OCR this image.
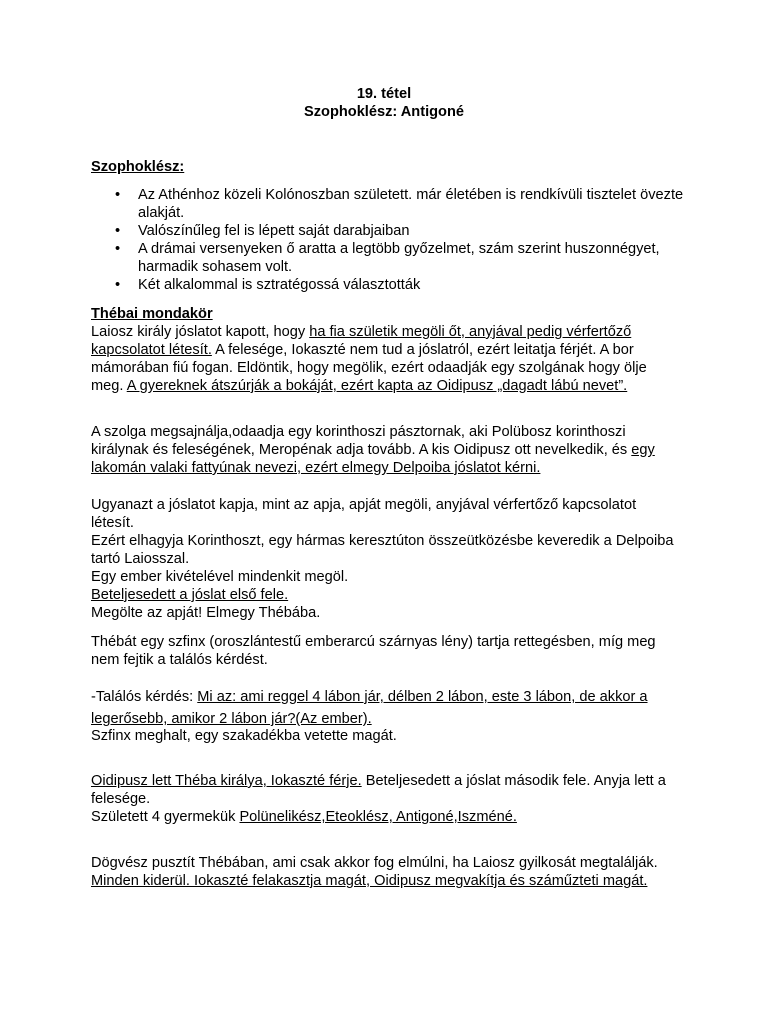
19. tétel
Szophoklész: Antigoné
Szophoklész:
• Az Athénhoz közeli Kolónoszban született. már életében is rendkívüli tisztelet övezte alakját.
• Valószínűleg fel is lépett saját darabjaiban
• A drámai versenyeken ő aratta a legtöbb győzelmet, szám szerint huszonnégyet, harmadik sohasem volt.
• Két alkalommal is sztratégossá választották
Thébai mondakör

Laiosz király jóslatot kapott, hogy ha fia születik megöli őt, anyjával pedig vérfertőző kapcsolatot létesít. A felesége, Iokaszté nem tud a jóslatról, ezért leitatja férjét. A bor mámorában fiú fogan. Eldöntik, hogy megölik, ezért odaadják egy szolgának hogy ölje meg. A gyereknek átszúrják a bokáját, ezért kapta az Oidipusz „dagadt lábú nevet”.

A szolga megsajnálja,odaadja egy korinthoszi pásztornak, aki Polübosz korinthoszi királynak és feleségének, Meropénak adja tovább. A kis Oidipusz ott nevelkedik, és egy lakomán valaki fattyúnak nevezi, ezért elmegy Delpoiba jóslatot kérni.

Ugyanazt a jóslatot kapja, mint az apja, apját megöli, anyjával vérfertőző kapcsolatot létesít.
Ezért elhagyja Korinthoszt, egy hármas keresztúton összeütközésbe keveredik a Delpoiba tartó Laiosszal.
Egy ember kivételével mindenkit megöl.
Beteljesedett a jóslat első fele.
Megölte az apját! Elmegy Thébába.

Thébát egy szfinx (oroszlántestű emberarcú szárnyas lény) tartja rettegésben, míg meg nem fejtik a találós kérdést.

-Találós kérdés: Mi az: ami reggel 4 lábon jár, délben 2 lábon, este 3 lábon, de akkor a legerősebb, amikor 2 lábon jár?(Az ember).

Szfinx meghalt, egy szakadékba vetette magát.

Oidipusz lett Théba királya, Iokaszté férje. Beteljesedett a jóslat második fele. Anyja lett a felesége.
Született 4 gyermekük Polünelikész,Eteoklész, Antigoné,Iszméné.

Dögvész pusztít Thébában, ami csak akkor fog elmúlni, ha Laiosz gyilkosát megtalálják.
Minden kiderül. Iokaszté felakasztja magát, Oidipusz megvakítja és száműzteti magát.
